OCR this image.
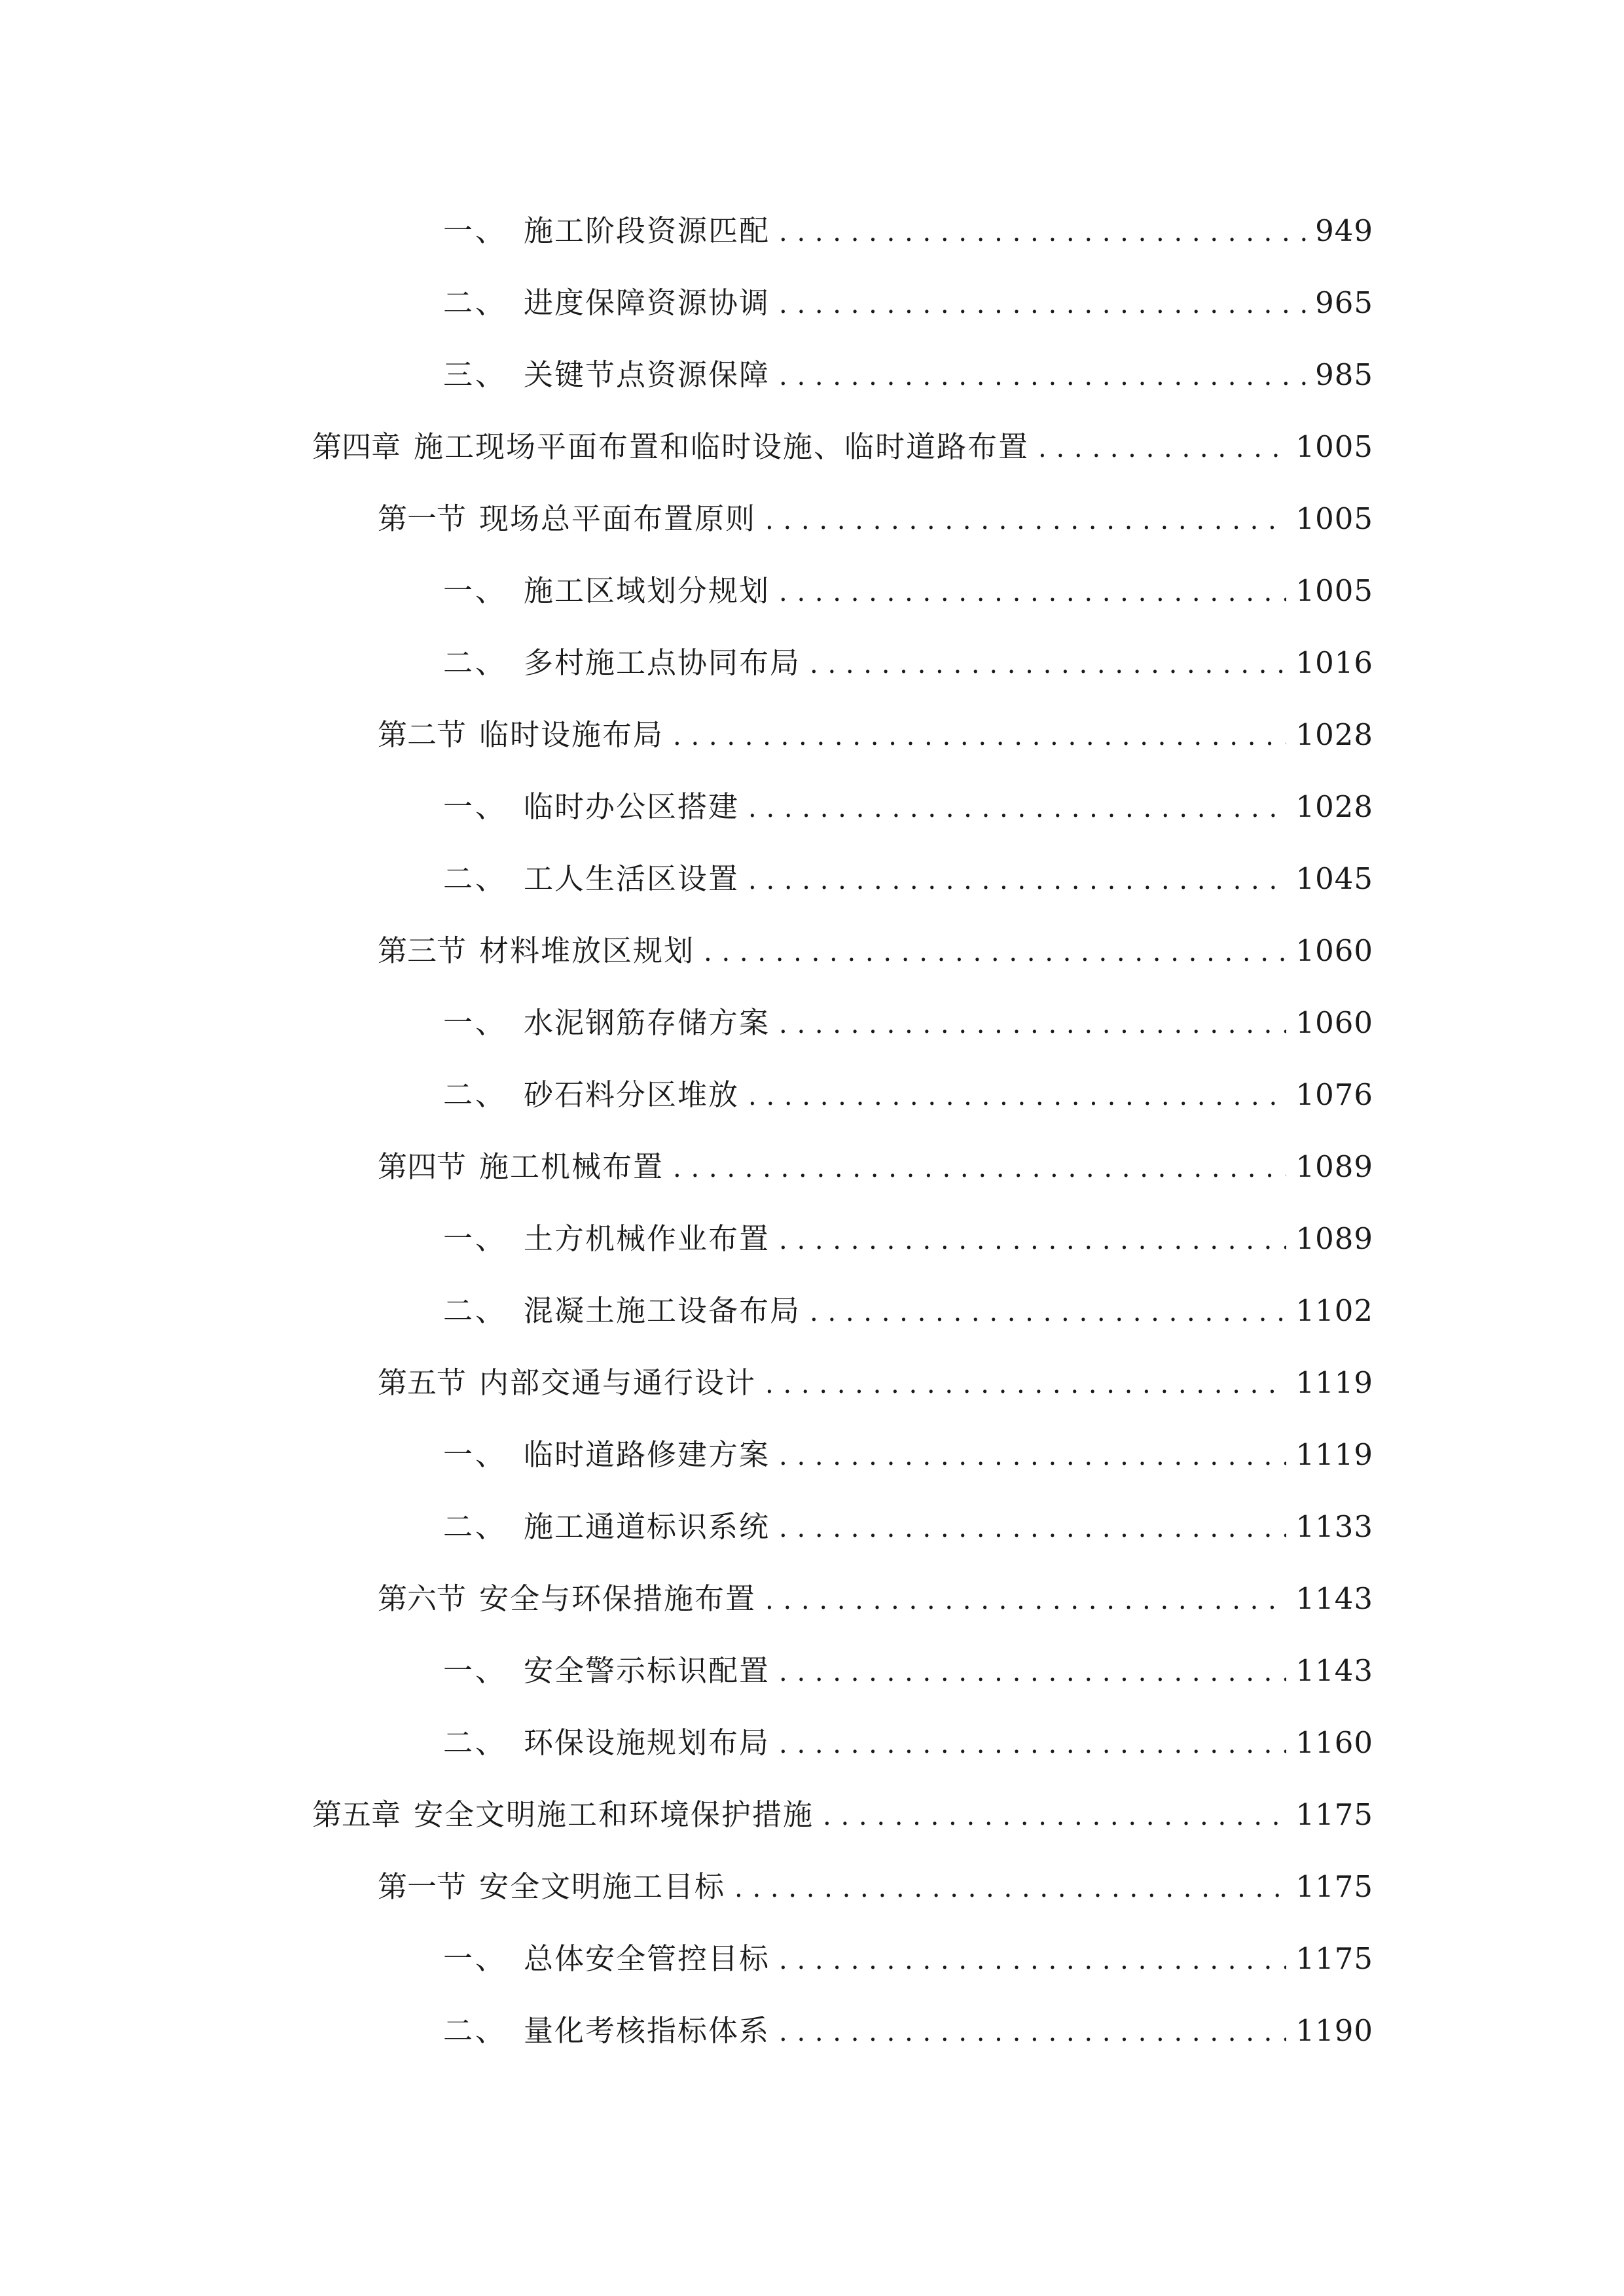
一、 施工阶段资源匹配 . . .	949
二、 进度保障资源协调 . . .	965
三、 关键节点资源保障 . . .	985
第四章 施工现场平面布置和临时设施、临时道路布置 . . .	1005
第一节 现场总平面布置原则 . . .	1005
一、 施工区域划分规划 . . .	1005
二、 多村施工点协同布局 . . .	1016
第二节 临时设施布局 . . .	1028
一、 临时办公区搭建 . . .	1028
二、 工人生活区设置 . . .	1045
第三节 材料堆放区规划 . . .	1060
一、 水泥钢筋存储方案 . . .	1060
二、 砂石料分区堆放 . . .	1076
第四节 施工机械布置 . . .	1089
一、 土方机械作业布置 . . .	1089
二、 混凝土施工设备布局 . . .	1102
第五节 内部交通与通行设计 . . .	1119
一、 临时道路修建方案 . . .	1119
二、 施工通道标识系统 . . .	1133
第六节 安全与环保措施布置 . . .	1143
一、 安全警示标识配置 . . .	1143
二、 环保设施规划布局 . . .	1160
第五章 安全文明施工和环境保护措施 . . .	1175
第一节 安全文明施工目标 . . .	1175
一、 总体安全管控目标 . . .	1175
二、 量化考核指标体系 . . .	1190
